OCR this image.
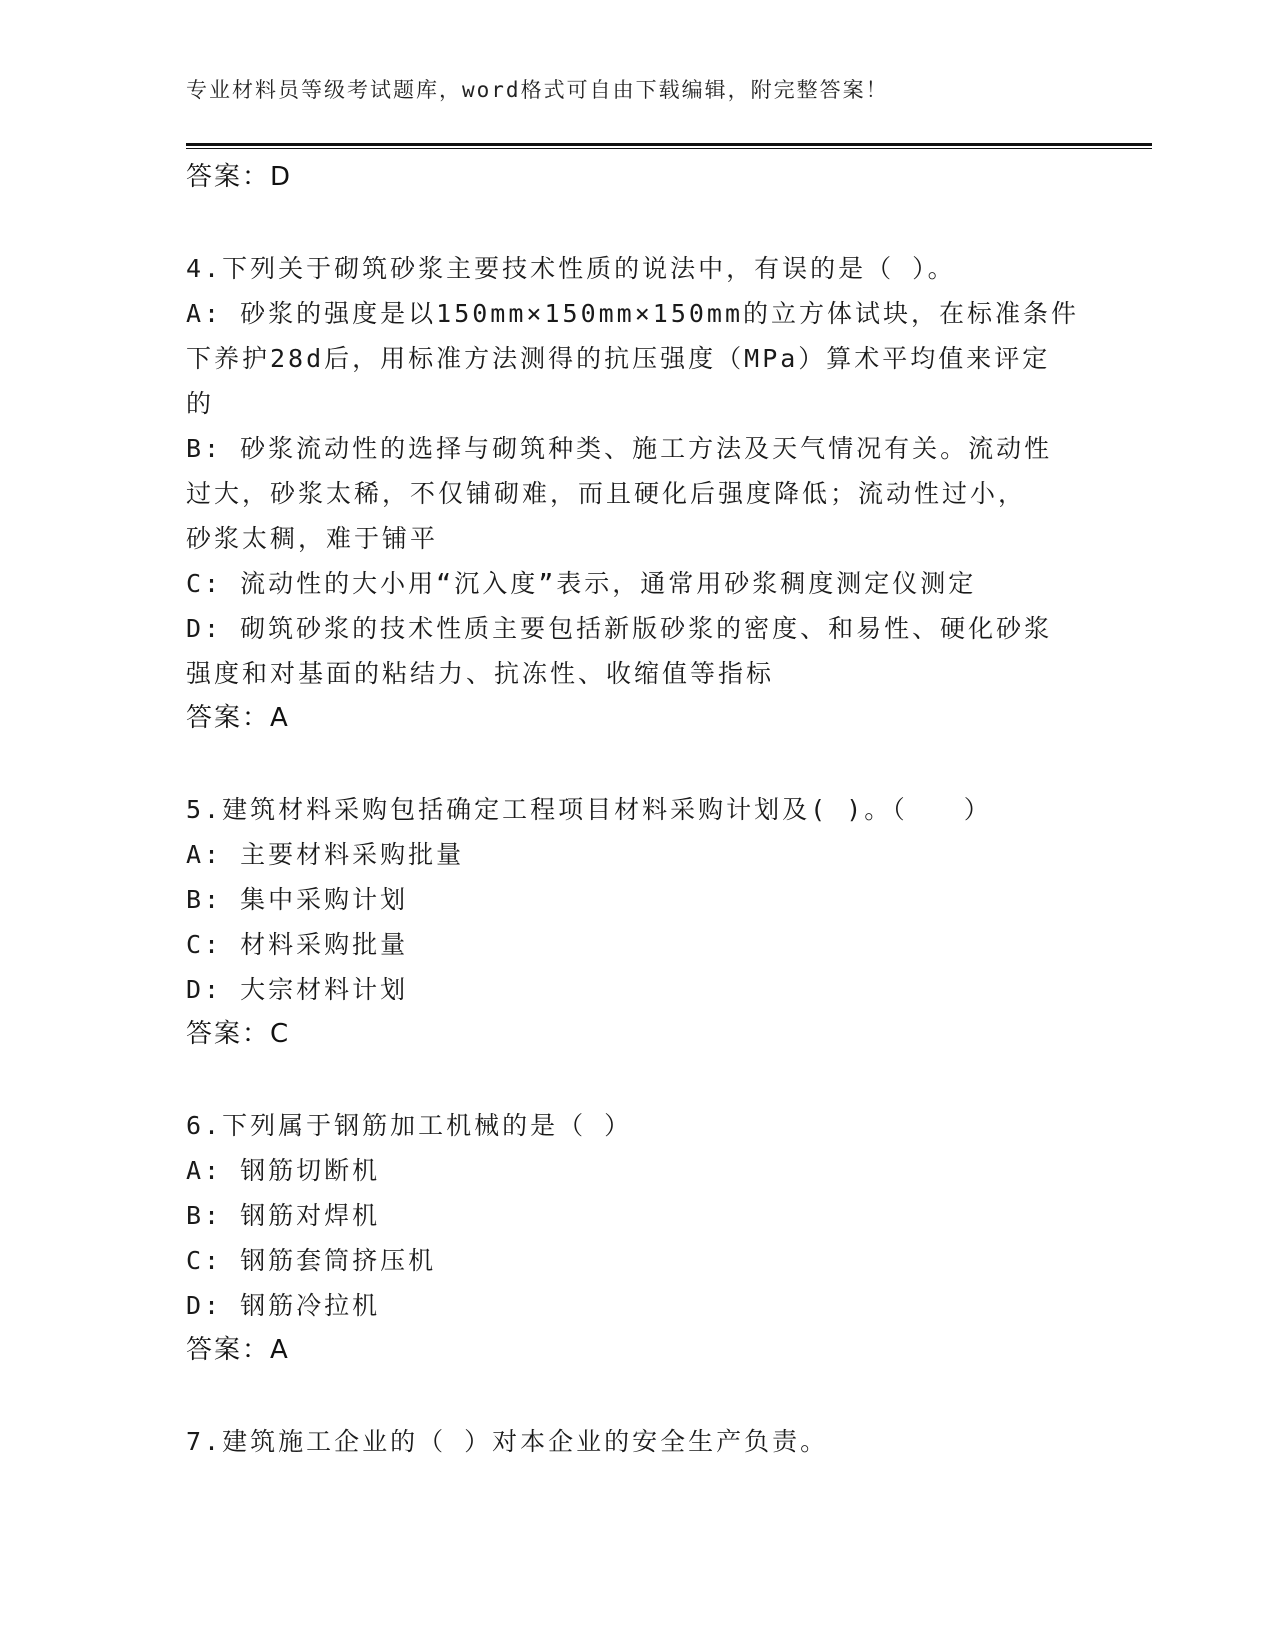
专业材料员等级考试题库，word格式可自由下载编辑，附完整答案！
答案：D
4.下列关于砌筑砂浆主要技术性质的说法中，有误的是（ ）。
A: 砂浆的强度是以150mm×150mm×150mm的立方体试块，在标准条件
下养护28d后，用标准方法测得的抗压强度（MPa）算术平均值来评定
的
B: 砂浆流动性的选择与砌筑种类、施工方法及天气情况有关。流动性
过大，砂浆太稀，不仅铺砌难，而且硬化后强度降低；流动性过小，
砂浆太稠，难于铺平
C: 流动性的大小用“沉入度”表示，通常用砂浆稠度测定仪测定
D: 砌筑砂浆的技术性质主要包括新版砂浆的密度、和易性、硬化砂浆
强度和对基面的粘结力、抗冻性、收缩值等指标
答案：A
5.建筑材料采购包括确定工程项目材料采购计划及( )。（　　）
A: 主要材料采购批量
B: 集中采购计划
C: 材料采购批量
D: 大宗材料计划
答案：C
6.下列属于钢筋加工机械的是（ ）
A: 钢筋切断机
B: 钢筋对焊机
C: 钢筋套筒挤压机
D: 钢筋冷拉机
答案：A
7.建筑施工企业的（ ）对本企业的安全生产负责。
